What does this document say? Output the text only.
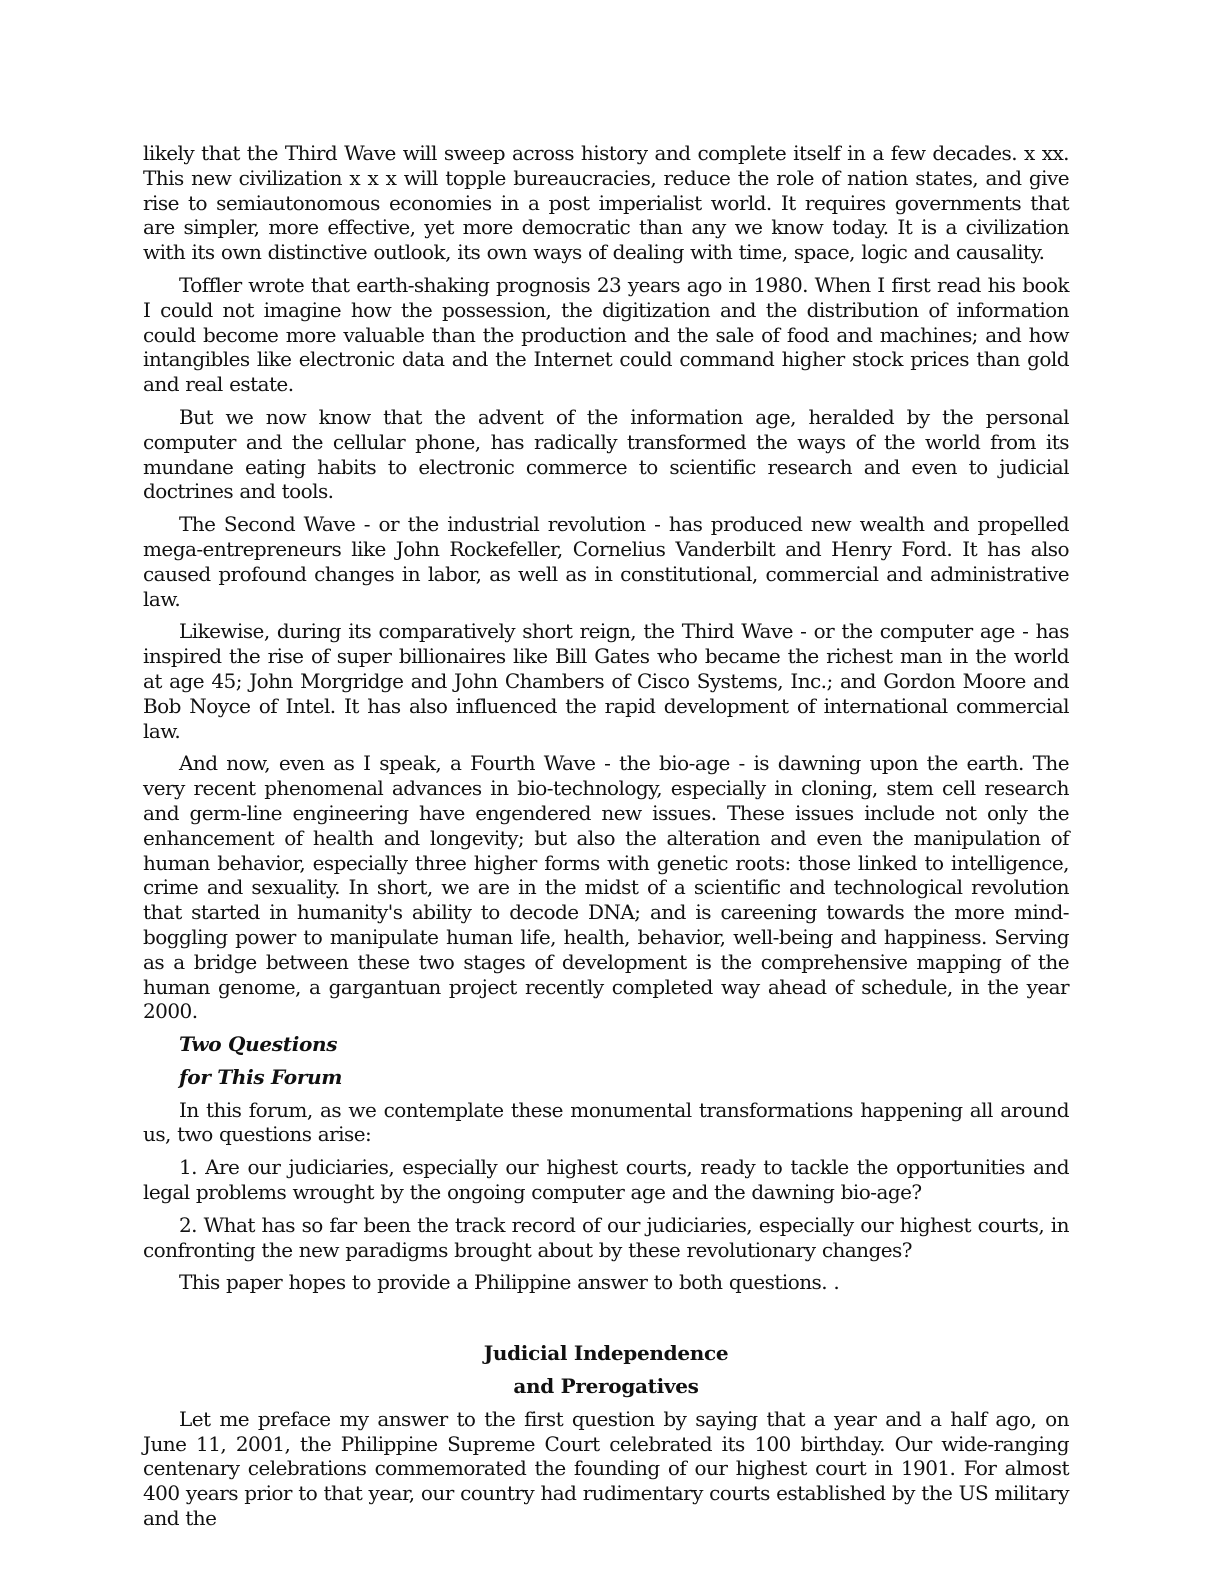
likely that the Third Wave will sweep across history and complete itself in a few decades. x xx. This new civilization x x x will topple bureaucracies, reduce the role of nation states, and give rise to semiautonomous economies in a post imperialist world. It requires governments that are simpler, more effective, yet more democratic than any we know today. It is a civilization with its own distinctive outlook, its own ways of dealing with time, space, logic and causality.

Toffler wrote that earth-shaking prognosis 23 years ago in 1980. When I first read his book I could not imagine how the possession, the digitization and the distribution of information could become more valuable than the production and the sale of food and machines; and how intangibles like electronic data and the Internet could command higher stock prices than gold and real estate.

But we now know that the advent of the information age, heralded by the personal computer and the cellular phone, has radically transformed the ways of the world from its mundane eating habits to electronic commerce to scientific research and even to judicial doctrines and tools.

The Second Wave - or the industrial revolution - has produced new wealth and propelled mega-entrepreneurs like John Rockefeller, Cornelius Vanderbilt and Henry Ford. It has also caused profound changes in labor, as well as in constitutional, commercial and administrative law.

Likewise, during its comparatively short reign, the Third Wave - or the computer age - has inspired the rise of super billionaires like Bill Gates who became the richest man in the world at age 45; John Morgridge and John Chambers of Cisco Systems, Inc.; and Gordon Moore and Bob Noyce of Intel. It has also influenced the rapid development of international commercial law.

And now, even as I speak, a Fourth Wave - the bio-age - is dawning upon the earth. The very recent phenomenal advances in bio-technology, especially in cloning, stem cell research and germ-line engineering have engendered new issues. These issues include not only the enhancement of health and longevity; but also the alteration and even the manipulation of human behavior, especially three higher forms with genetic roots: those linked to intelligence, crime and sexuality. In short, we are in the midst of a scientific and technological revolution that started in humanity's ability to decode DNA; and is careening towards the more mind-boggling power to manipulate human life, health, behavior, well-being and happiness. Serving as a bridge between these two stages of development is the comprehensive mapping of the human genome, a gargantuan project recently completed way ahead of schedule, in the year 2000.

Two Questions
for This Forum

In this forum, as we contemplate these monumental transformations happening all around us, two questions arise:

1. Are our judiciaries, especially our highest courts, ready to tackle the opportunities and legal problems wrought by the ongoing computer age and the dawning bio-age?

2. What has so far been the track record of our judiciaries, especially our highest courts, in confronting the new paradigms brought about by these revolutionary changes?

This paper hopes to provide a Philippine answer to both questions. .

Judicial Independence
and Prerogatives

Let me preface my answer to the first question by saying that a year and a half ago, on June 11, 2001, the Philippine Supreme Court celebrated its 100 birthday. Our wide-ranging centenary celebrations commemorated the founding of our highest court in 1901. For almost 400 years prior to that year, our country had rudimentary courts established by the US military and the
